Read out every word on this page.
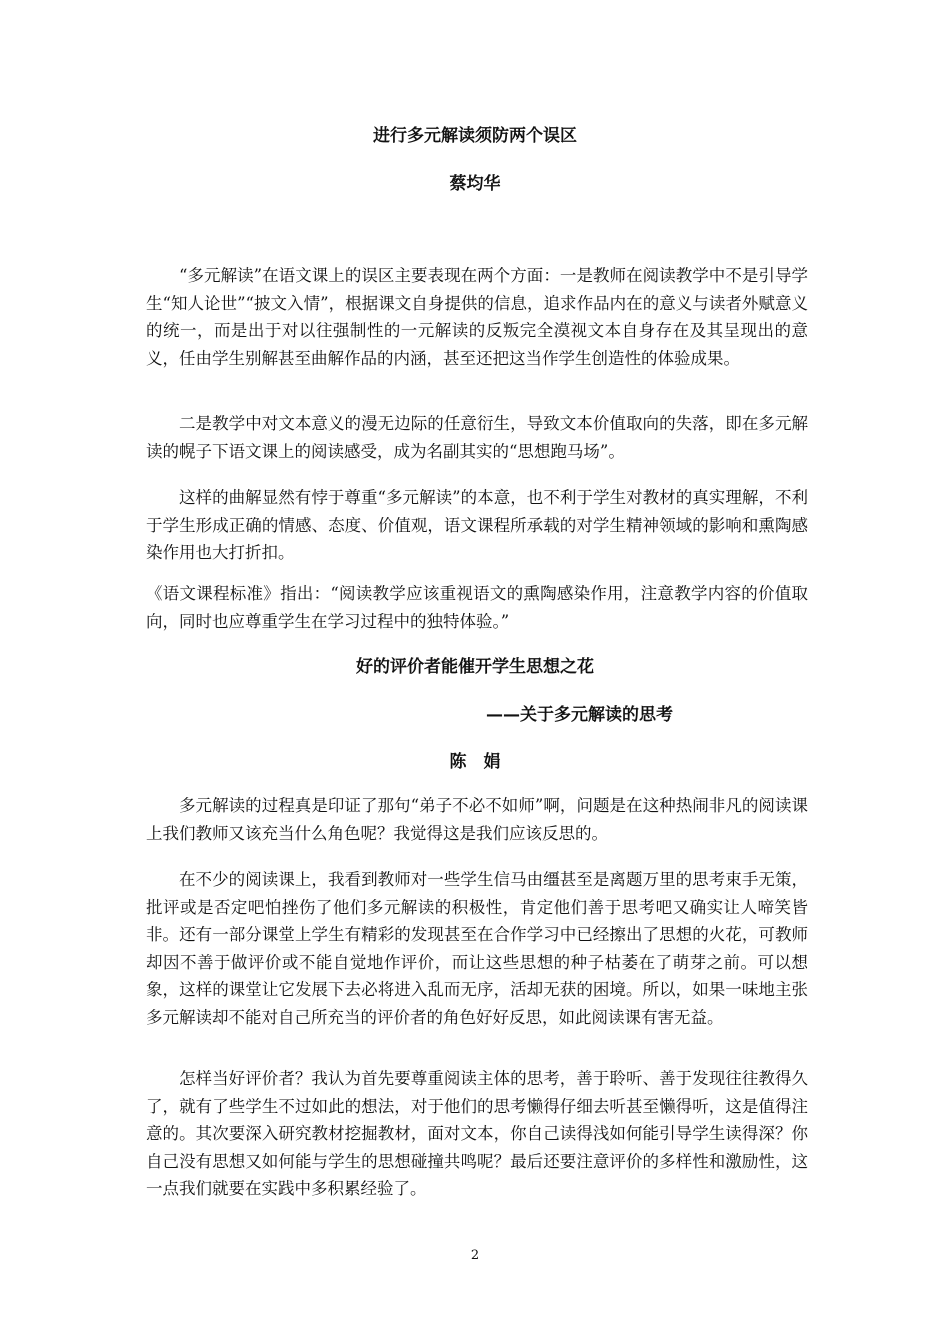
进行多元解读须防两个误区
蔡均华

“多元解读”在语文课上的误区主要表现在两个方面：一是教师在阅读教学中不是引导学生“知人论世”“披文入情”，根据课文自身提供的信息，追求作品内在的意义与读者外赋意义的统一，而是出于对以往强制性的一元解读的反叛完全漠视文本自身存在及其呈现出的意义，任由学生别解甚至曲解作品的内涵，甚至还把这当作学生创造性的体验成果。

二是教学中对文本意义的漫无边际的任意衍生，导致文本价值取向的失落，即在多元解读的幌子下语文课上的阅读感受，成为名副其实的“思想跑马场”。

这样的曲解显然有悖于尊重“多元解读”的本意，也不利于学生对教材的真实理解，不利于学生形成正确的情感、态度、价值观，语文课程所承载的对学生精神领域的影响和熏陶感染作用也大打折扣。

《语文课程标准》指出：“阅读教学应该重视语文的熏陶感染作用，注意教学内容的价值取向，同时也应尊重学生在学习过程中的独特体验。”

好的评价者能催开学生思想之花
——关于多元解读的思考
陈　娟

多元解读的过程真是印证了那句“弟子不必不如师”啊，问题是在这种热闹非凡的阅读课上我们教师又该充当什么角色呢？我觉得这是我们应该反思的。

在不少的阅读课上，我看到教师对一些学生信马由缰甚至是离题万里的思考束手无策，批评或是否定吧怕挫伤了他们多元解读的积极性，肯定他们善于思考吧又确实让人啼笑皆非。还有一部分课堂上学生有精彩的发现甚至在合作学习中已经擦出了思想的火花，可教师却因不善于做评价或不能自觉地作评价，而让这些思想的种子枯萎在了萌芽之前。可以想象，这样的课堂让它发展下去必将进入乱而无序，活却无获的困境。所以，如果一味地主张多元解读却不能对自己所充当的评价者的角色好好反思，如此阅读课有害无益。

怎样当好评价者？我认为首先要尊重阅读主体的思考，善于聆听、善于发现往往教得久了，就有了些学生不过如此的想法，对于他们的思考懒得仔细去听甚至懒得听，这是值得注意的。其次要深入研究教材挖掘教材，面对文本，你自己读得浅如何能引导学生读得深？你自己没有思想又如何能与学生的思想碰撞共鸣呢？最后还要注意评价的多样性和激励性，这一点我们就要在实践中多积累经验了。

2
